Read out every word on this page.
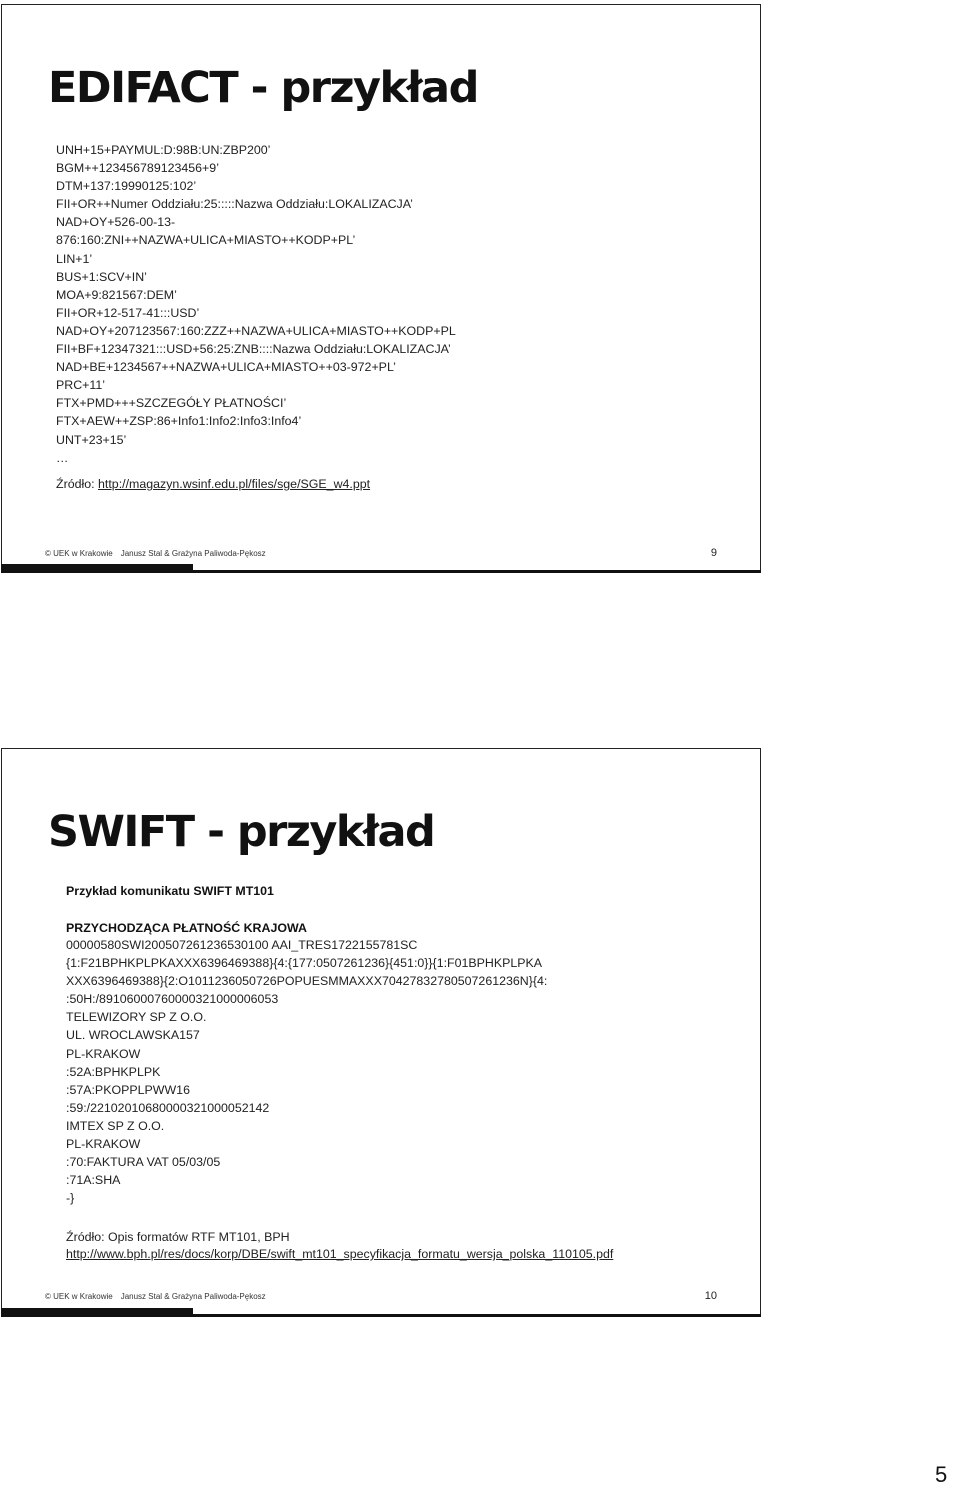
EDIFACT - przykład
UNH+15+PAYMUL:D:98B:UN:ZBP200’
BGM++123456789123456+9’
DTM+137:19990125:102’
FII+OR++Numer Oddziału:25:::::Nazwa Oddziału:LOKALIZACJA’
NAD+OY+526-00-13-
876:160:ZNI++NAZWA+ULICA+MIASTO++KODP+PL’
LIN+1’
BUS+1:SCV+IN’
MOA+9:821567:DEM’
FII+OR+12-517-41:::USD’
NAD+OY+207123567:160:ZZZ++NAZWA+ULICA+MIASTO++KODP+PL
FII+BF+12347321:::USD+56:25:ZNB::::Nazwa Oddziału:LOKALIZACJA’
NAD+BE+1234567++NAZWA+ULICA+MIASTO++03-972+PL’
PRC+11’
FTX+PMD+++SZCZEGÓŁY PŁATNOŚCI’
FTX+AEW++ZSP:86+Info1:Info2:Info3:Info4’
UNT+23+15’
…
Źródło: http://magazyn.wsinf.edu.pl/files/sge/SGE_w4.ppt
© UEK w Krakowie Janusz Stal & Grażyna Paliwoda-Pękosz	9
SWIFT - przykład
Przykład komunikatu SWIFT MT101
PRZYCHODZĄCA PŁATNOŚĆ KRAJOWA
00000580SWI200507261236530100 AAI_TRES1722155781SC
{1:F21BPHKPLPKAXXX6396469388}{4:{177:0507261236}{451:0}}{1:F01BPHKPLPKA
XXX6396469388}{2:O1011236050726POPUESMMAXXX70427832780507261236N}{4:
:50H:/89106000760000321000006053
TELEWIZORY SP Z O.O.
UL. WROCLAWSKA157
PL-KRAKOW
:52A:BPHKPLPK
:57A:PKOPPLPWW16
:59:/22102010680000321000052142
IMTEX SP Z O.O.
PL-KRAKOW
:70:FAKTURA VAT 05/03/05
:71A:SHA
-}
Źródło: Opis formatów RTF MT101, BPH
http://www.bph.pl/res/docs/korp/DBE/swift_mt101_specyfikacja_formatu_wersja_polska_110105.pdf
© UEK w Krakowie Janusz Stal & Grażyna Paliwoda-Pękosz	10
5
